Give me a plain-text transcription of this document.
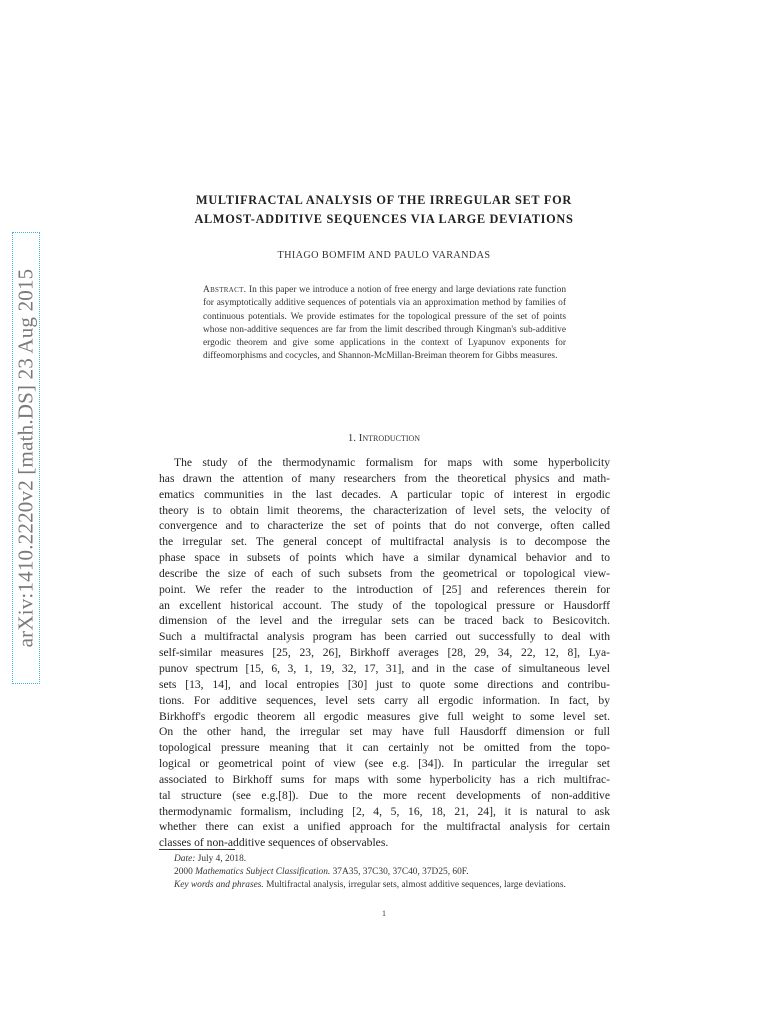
arXiv:1410.2220v2 [math.DS] 23 Aug 2015
MULTIFRACTAL ANALYSIS OF THE IRREGULAR SET FOR
ALMOST-ADDITIVE SEQUENCES VIA LARGE DEVIATIONS
THIAGO BOMFIM AND PAULO VARANDAS
Abstract. In this paper we introduce a notion of free energy and large deviations rate function for asymptotically additive sequences of potentials via an approximation method by families of continuous potentials. We provide estimates for the topological pressure of the set of points whose non-additive sequences are far from the limit described through Kingman's sub-additive ergodic theorem and give some applications in the context of Lyapunov exponents for diffeomorphisms and cocycles, and Shannon-McMillan-Breiman theorem for Gibbs measures.
1. Introduction
The study of the thermodynamic formalism for maps with some hyperbolicity
has drawn the attention of many researchers from the theoretical physics and math-
ematics communities in the last decades. A particular topic of interest in ergodic
theory is to obtain limit theorems, the characterization of level sets, the velocity of
convergence and to characterize the set of points that do not converge, often called
the irregular set. The general concept of multifractal analysis is to decompose the
phase space in subsets of points which have a similar dynamical behavior and to
describe the size of each of such subsets from the geometrical or topological view-
point. We refer the reader to the introduction of [25] and references therein for
an excellent historical account. The study of the topological pressure or Hausdorff
dimension of the level and the irregular sets can be traced back to Besicovitch.
Such a multifractal analysis program has been carried out successfully to deal with
self-similar measures [25, 23, 26], Birkhoff averages [28, 29, 34, 22, 12, 8], Lya-
punov spectrum [15, 6, 3, 1, 19, 32, 17, 31], and in the case of simultaneous level
sets [13, 14], and local entropies [30] just to quote some directions and contribu-
tions. For additive sequences, level sets carry all ergodic information. In fact, by
Birkhoff's ergodic theorem all ergodic measures give full weight to some level set.
On the other hand, the irregular set may have full Hausdorff dimension or full
topological pressure meaning that it can certainly not be omitted from the topo-
logical or geometrical point of view (see e.g. [34]). In particular the irregular set
associated to Birkhoff sums for maps with some hyperbolicity has a rich multifrac-
tal structure (see e.g.[8]). Due to the more recent developments of non-additive
thermodynamic formalism, including [2, 4, 5, 16, 18, 21, 24], it is natural to ask
whether there can exist a unified approach for the multifractal analysis for certain
classes of non-additive sequences of observables.
Date: July 4, 2018.
2000 Mathematics Subject Classification. 37A35, 37C30, 37C40, 37D25, 60F.
Key words and phrases. Multifractal analysis, irregular sets, almost additive sequences, large deviations.
1
